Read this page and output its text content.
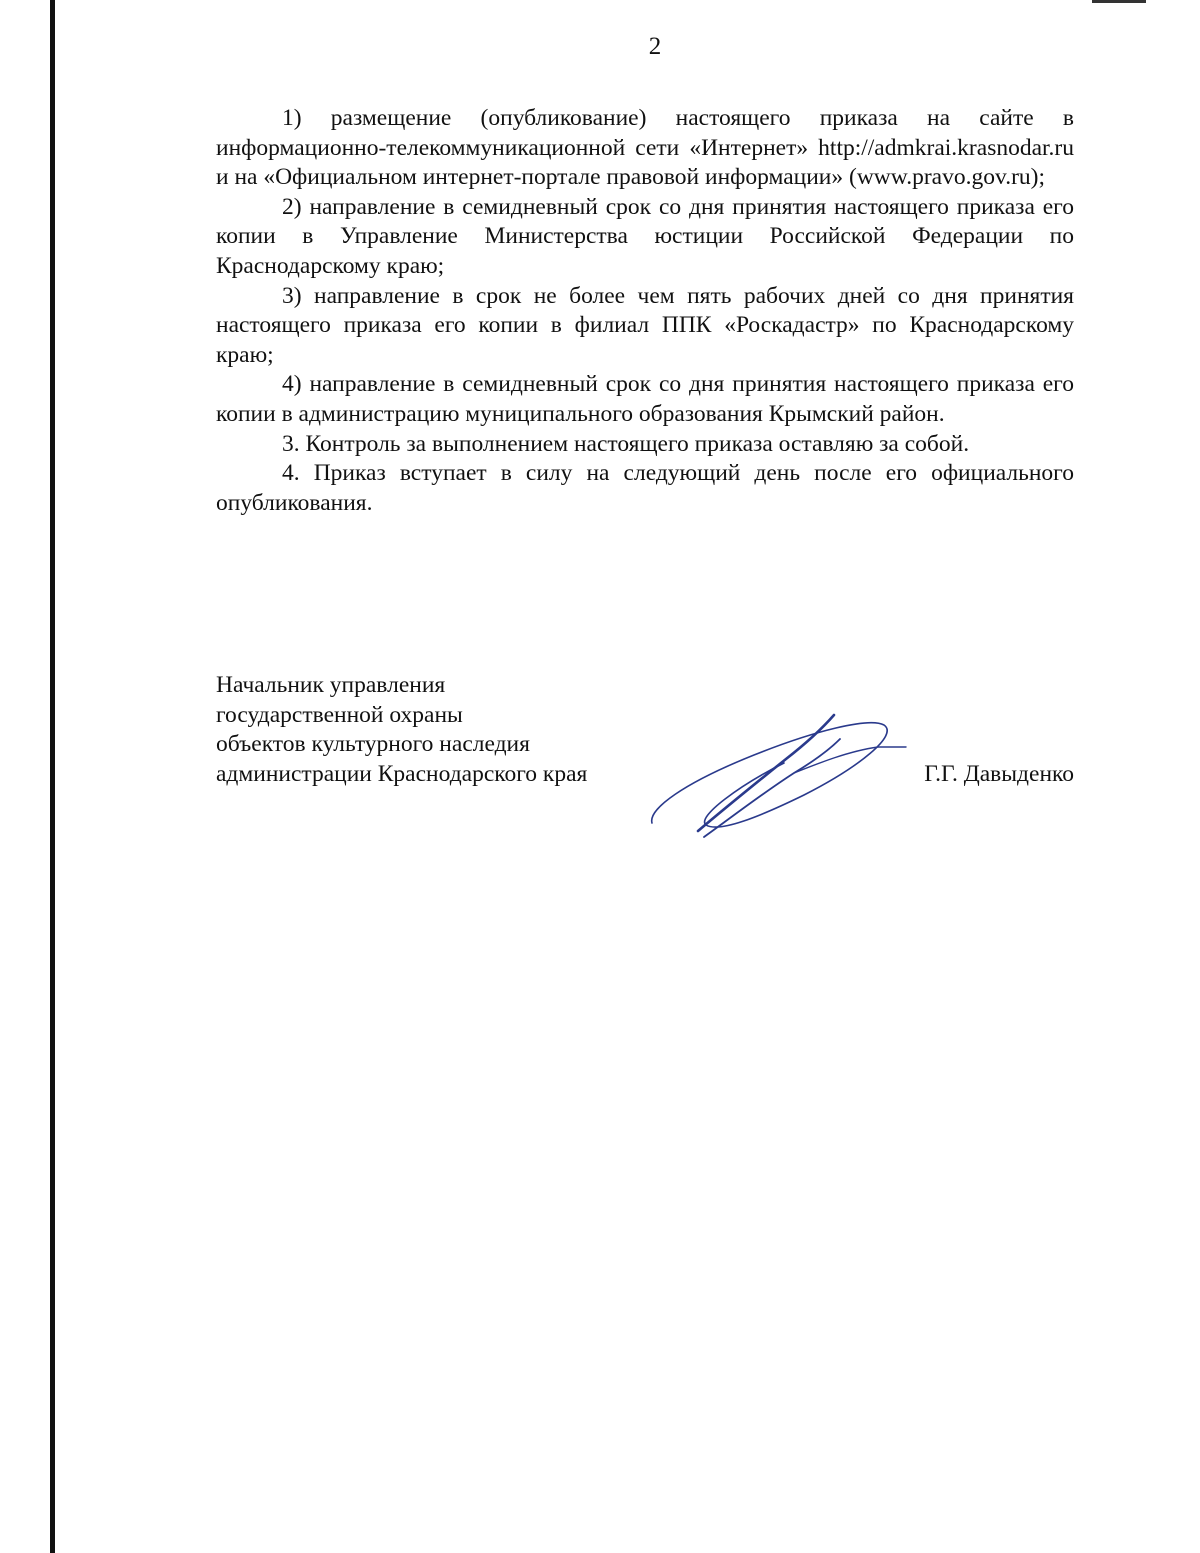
2

1) размещение (опубликование) настоящего приказа на сайте в информационно-телекоммуникационной сети «Интернет» http://admkrai.krasnodar.ru и на «Официальном интернет-портале правовой информации» (www.pravo.gov.ru);

2) направление в семидневный срок со дня принятия настоящего приказа его копии в Управление Министерства юстиции Российской Федерации по Краснодарскому краю;

3) направление в срок не более чем пять рабочих дней со дня принятия настоящего приказа его копии в филиал ППК «Роскадастр» по Краснодарскому краю;

4) направление в семидневный срок со дня принятия настоящего приказа его копии в администрацию муниципального образования Крымский район.

3. Контроль за выполнением настоящего приказа оставляю за собой.

4. Приказ вступает в силу на следующий день после его официального опубликования.

Начальник управления
государственной охраны
объектов культурного наследия
администрации Краснодарского края	Г.Г. Давыденко
